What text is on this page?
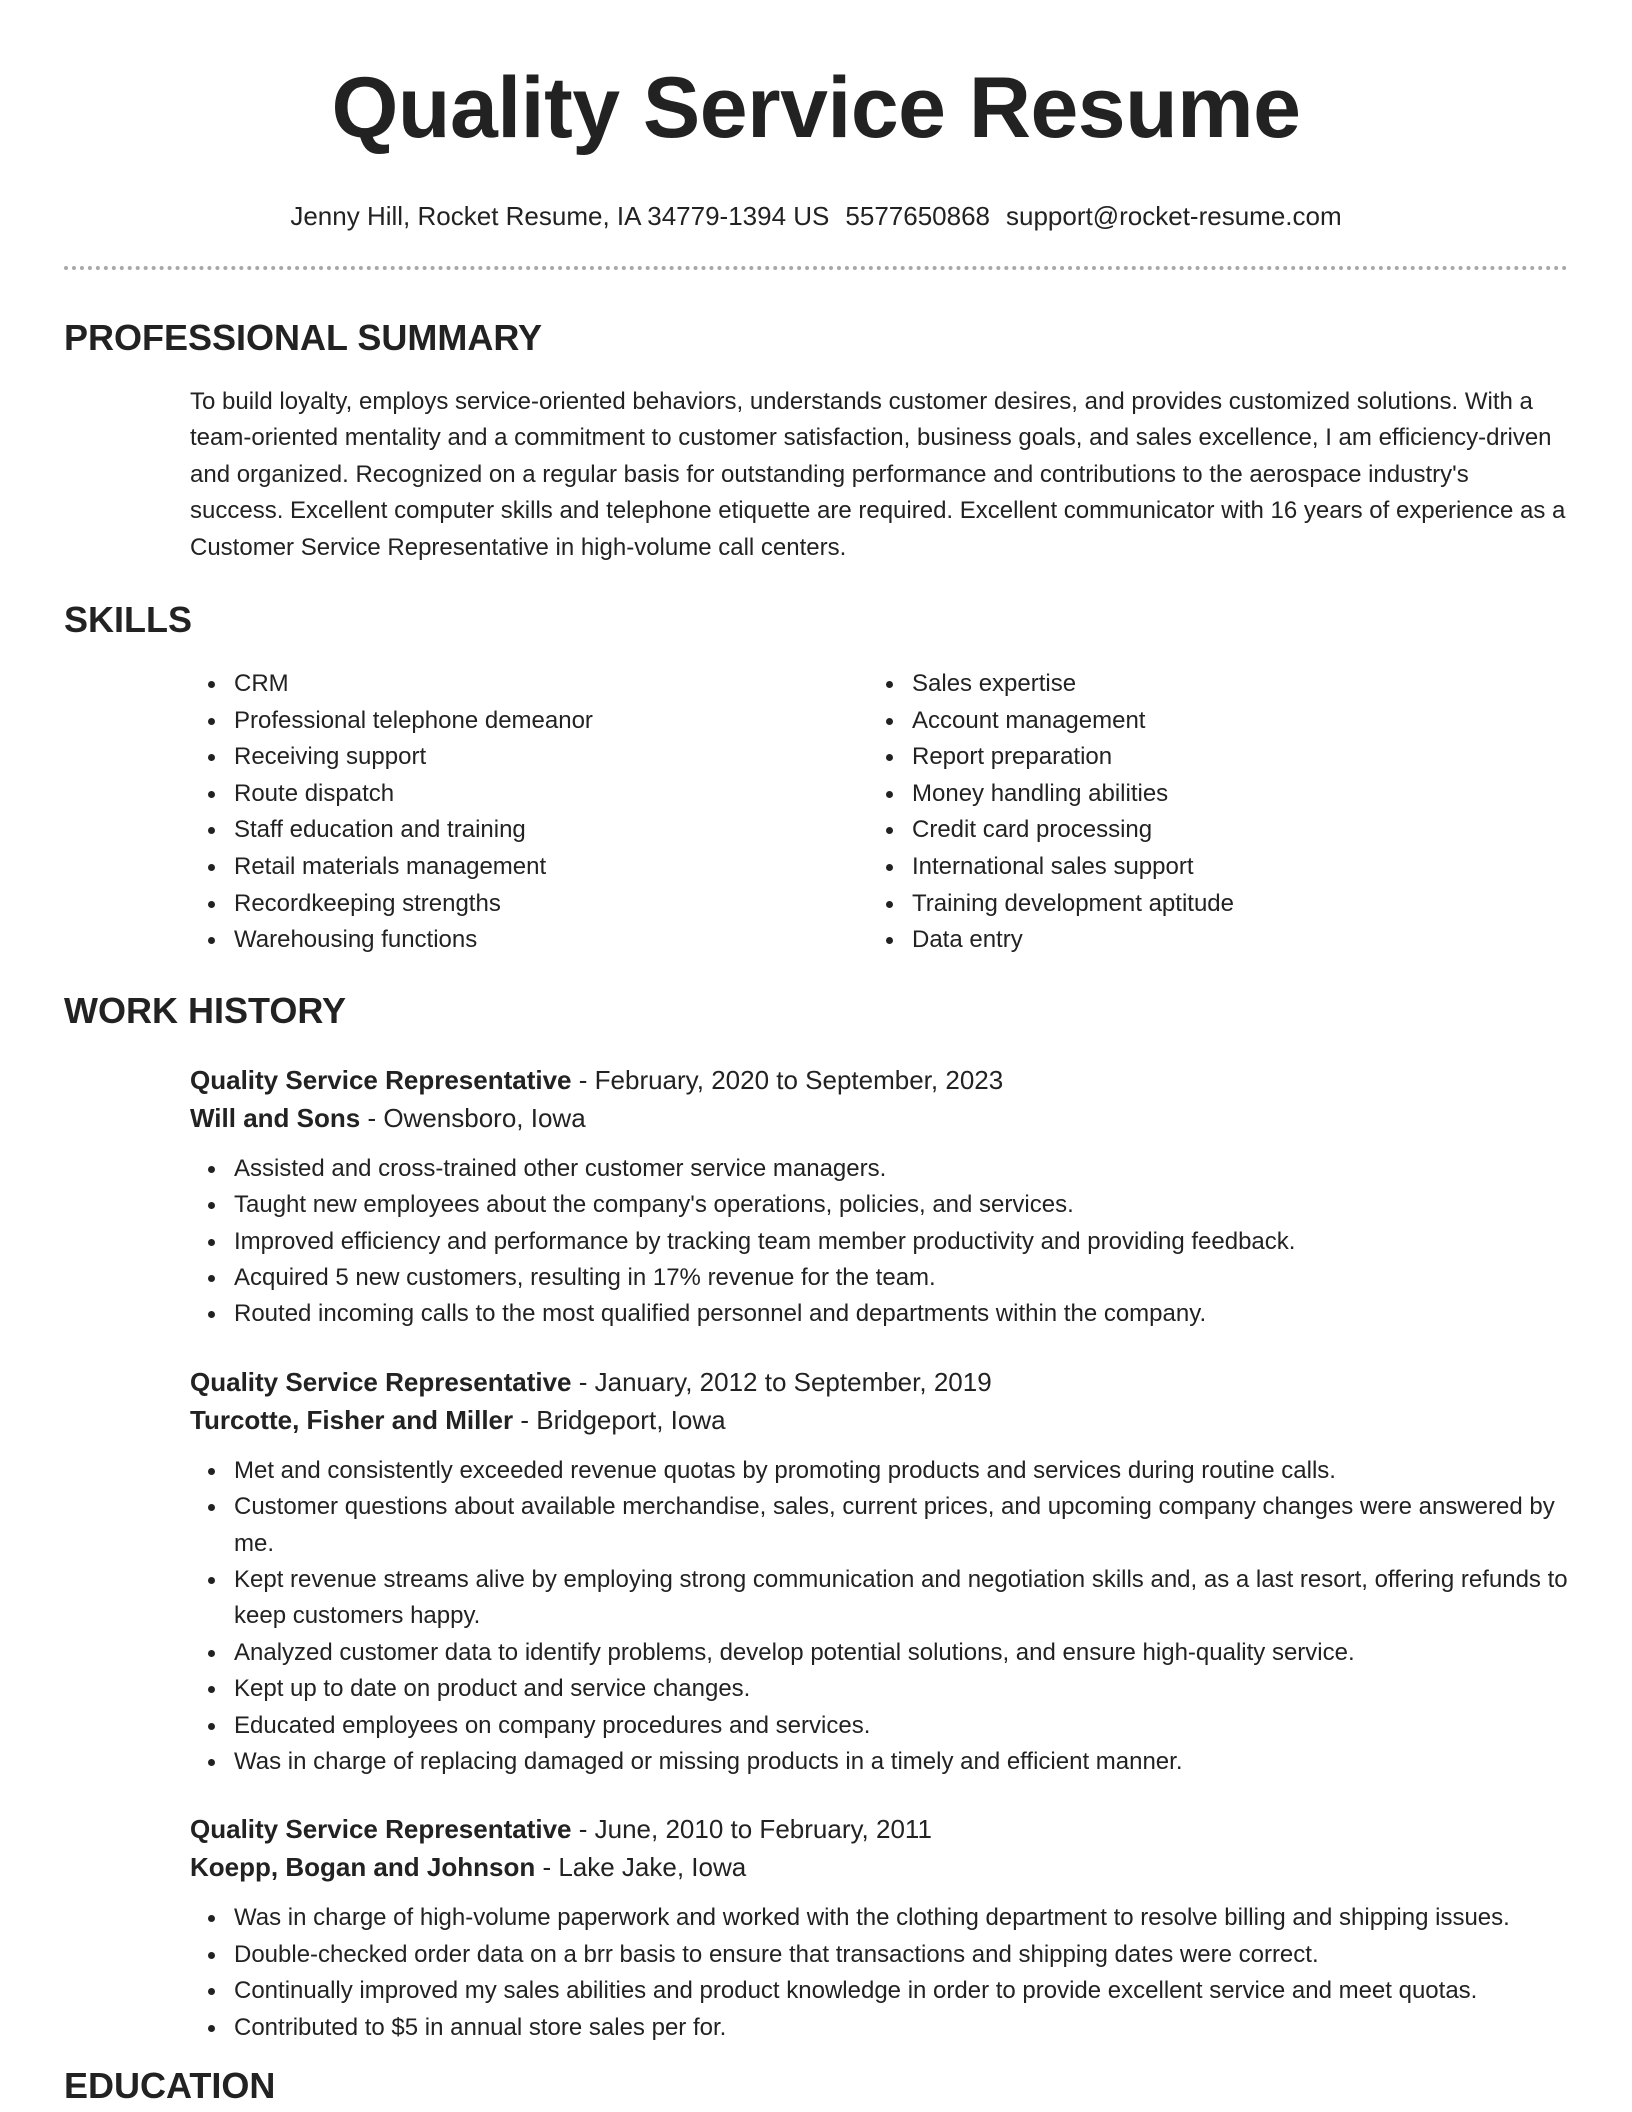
Quality Service Resume
Jenny Hill, Rocket Resume, IA 34779-1394 US 5577650868 support@rocket-resume.com
PROFESSIONAL SUMMARY

To build loyalty, employs service-oriented behaviors, understands customer desires, and provides customized solutions. With a team-oriented mentality and a commitment to customer satisfaction, business goals, and sales excellence, I am efficiency-driven and organized. Recognized on a regular basis for outstanding performance and contributions to the aerospace industry's success. Excellent computer skills and telephone etiquette are required. Excellent communicator with 16 years of experience as a Customer Service Representative in high-volume call centers.

SKILLS
CRM
Professional telephone demeanor
Receiving support
Route dispatch
Staff education and training
Retail materials management
Recordkeeping strengths
Warehousing functions
Sales expertise
Account management
Report preparation
Money handling abilities
Credit card processing
International sales support
Training development aptitude
Data entry
WORK HISTORY
Quality Service Representative - February, 2020 to September, 2023
Will and Sons - Owensboro, Iowa
Assisted and cross-trained other customer service managers.
Taught new employees about the company's operations, policies, and services.
Improved efficiency and performance by tracking team member productivity and providing feedback.
Acquired 5 new customers, resulting in 17% revenue for the team.
Routed incoming calls to the most qualified personnel and departments within the company.
Quality Service Representative - January, 2012 to September, 2019
Turcotte, Fisher and Miller - Bridgeport, Iowa
Met and consistently exceeded revenue quotas by promoting products and services during routine calls.
Customer questions about available merchandise, sales, current prices, and upcoming company changes were answered by me.
Kept revenue streams alive by employing strong communication and negotiation skills and, as a last resort, offering refunds to keep customers happy.
Analyzed customer data to identify problems, develop potential solutions, and ensure high-quality service.
Kept up to date on product and service changes.
Educated employees on company procedures and services.
Was in charge of replacing damaged or missing products in a timely and efficient manner.
Quality Service Representative - June, 2010 to February, 2011
Koepp, Bogan and Johnson - Lake Jake, Iowa
Was in charge of high-volume paperwork and worked with the clothing department to resolve billing and shipping issues.
Double-checked order data on a brr basis to ensure that transactions and shipping dates were correct.
Continually improved my sales abilities and product knowledge in order to provide excellent service and meet quotas.
Contributed to $5 in annual store sales per for.
EDUCATION
